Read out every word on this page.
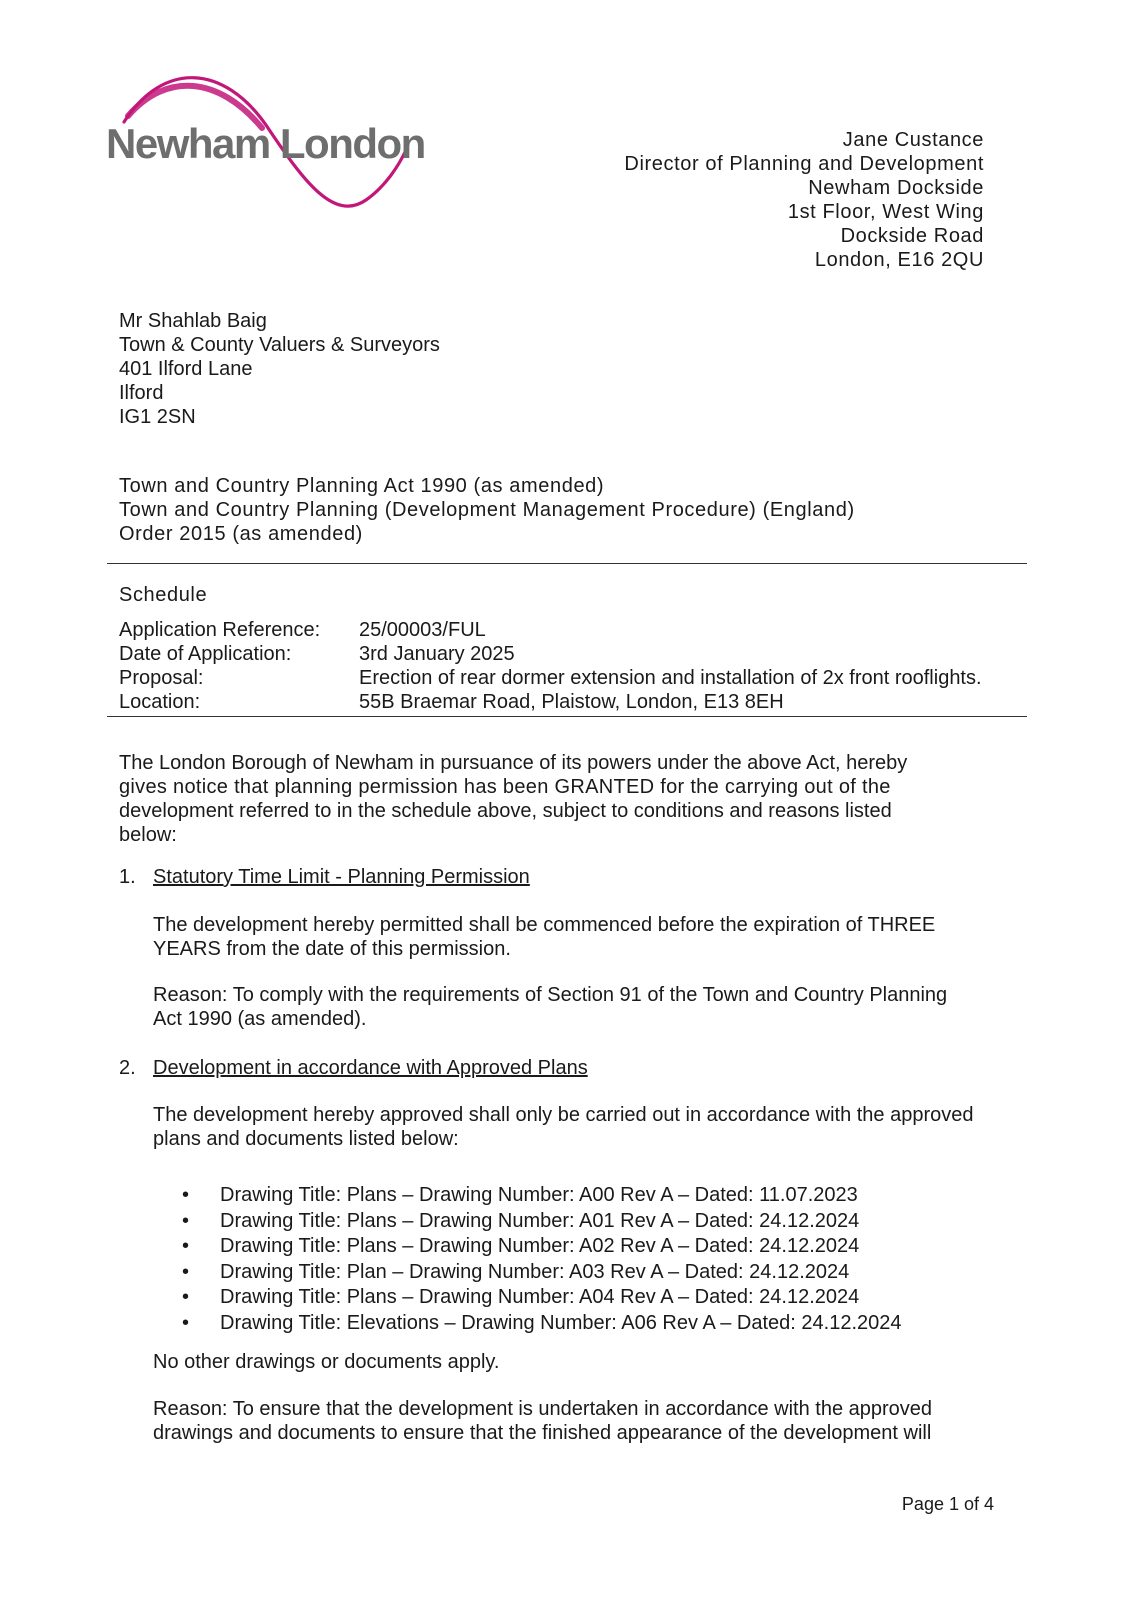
Newham London	Jane Custance
Director of Planning and Development
Newham Dockside
1st Floor, West Wing
Dockside Road
London, E16 2QU
Mr Shahlab Baig
Town & County Valuers & Surveyors
401 Ilford Lane
Ilford
IG1 2SN
Town and Country Planning Act 1990 (as amended)
Town and Country Planning (Development Management Procedure) (England)
Order 2015 (as amended)
Schedule
Application Reference:	25/00003/FUL
Date of Application:	3rd January 2025
Proposal:	Erection of rear dormer extension and installation of 2x front rooflights.
Location:	55B Braemar Road, Plaistow, London, E13 8EH
The London Borough of Newham in pursuance of its powers under the above Act, hereby
gives notice that planning permission has been GRANTED for the carrying out of the
development referred to in the schedule above, subject to conditions and reasons listed
below:
1. Statutory Time Limit - Planning Permission
The development hereby permitted shall be commenced before the expiration of THREE
YEARS from the date of this permission.
Reason: To comply with the requirements of Section 91 of the Town and Country Planning
Act 1990 (as amended).
2. Development in accordance with Approved Plans
The development hereby approved shall only be carried out in accordance with the approved
plans and documents listed below:
• Drawing Title: Plans – Drawing Number: A00 Rev A – Dated: 11.07.2023
• Drawing Title: Plans – Drawing Number: A01 Rev A – Dated: 24.12.2024
• Drawing Title: Plans – Drawing Number: A02 Rev A – Dated: 24.12.2024
• Drawing Title: Plan – Drawing Number: A03 Rev A – Dated: 24.12.2024
• Drawing Title: Plans – Drawing Number: A04 Rev A – Dated: 24.12.2024
• Drawing Title: Elevations – Drawing Number: A06 Rev A – Dated: 24.12.2024
No other drawings or documents apply.
Reason: To ensure that the development is undertaken in accordance with the approved
drawings and documents to ensure that the finished appearance of the development will
Page 1 of 4
